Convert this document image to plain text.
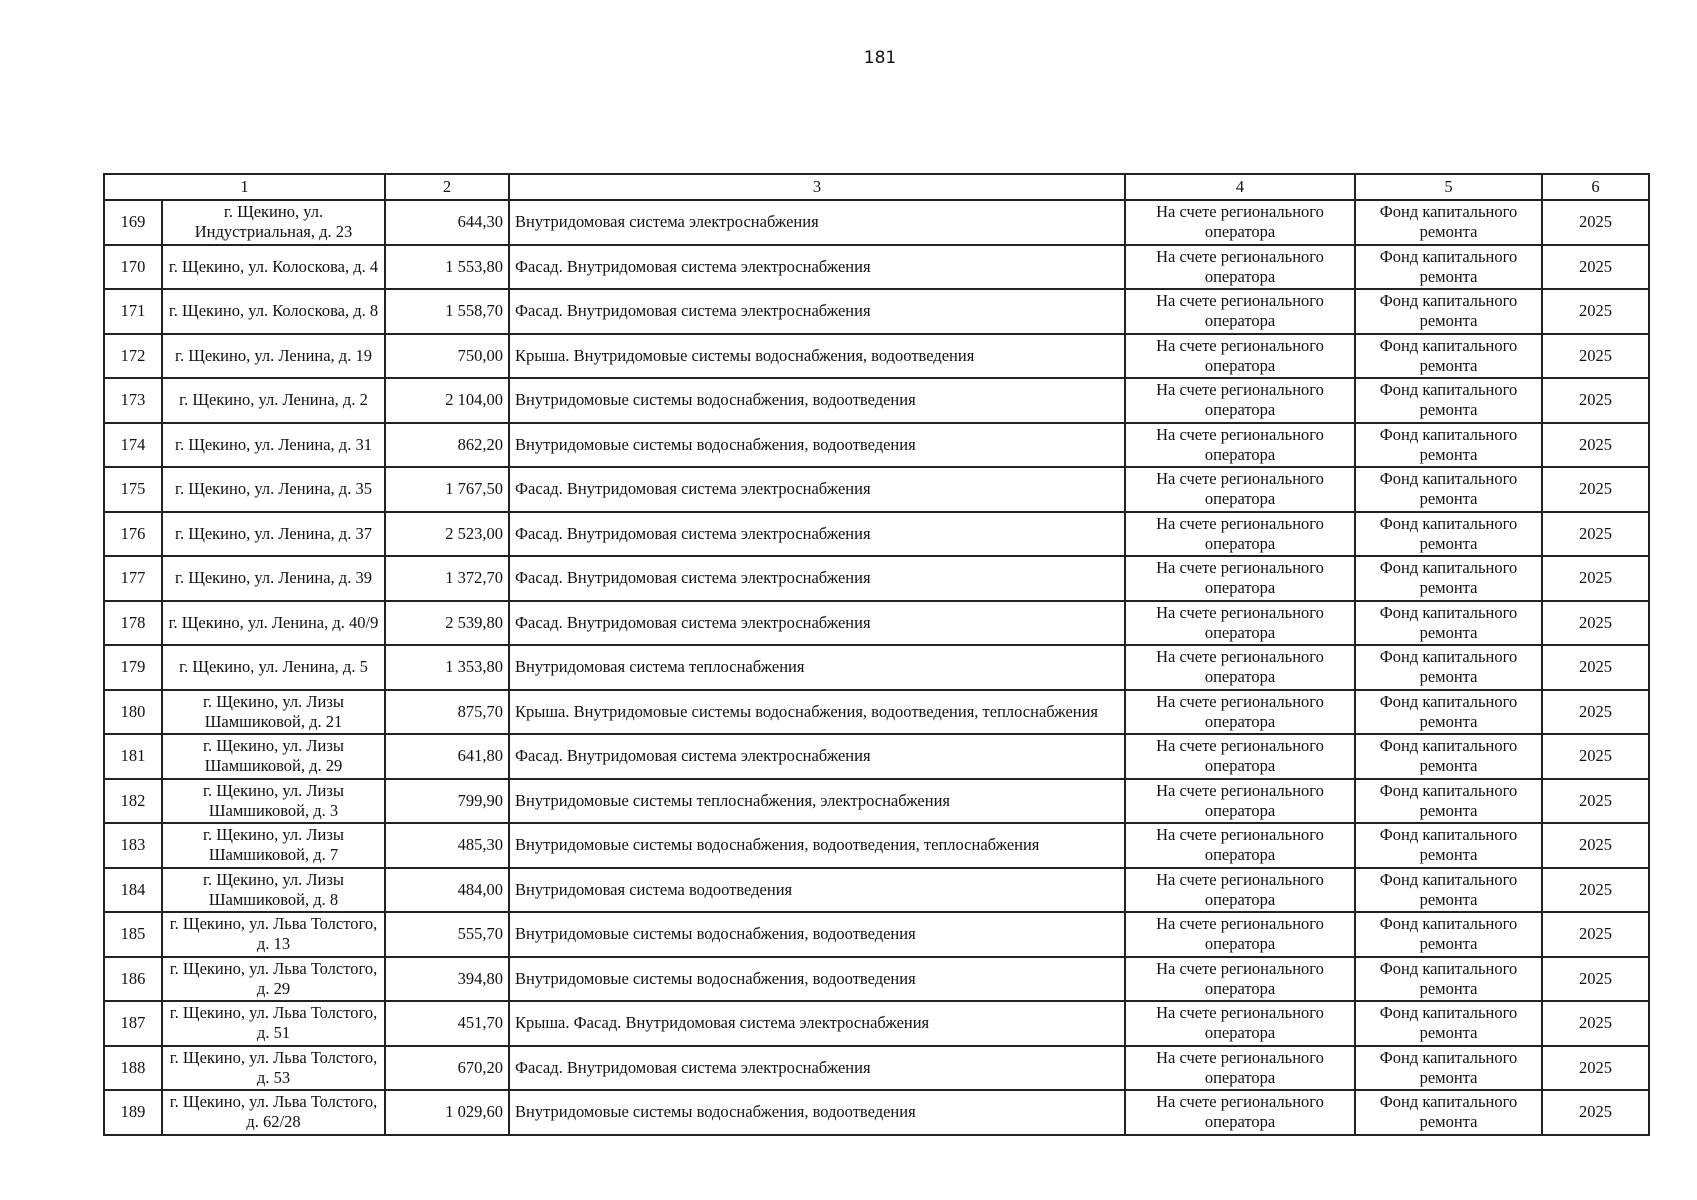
181
1		2	3	4	5	6
169	г. Щекино, ул. Индустриальная, д. 23	644,30	Внутридомовая система электроснабжения	На счете регионального оператора	Фонд капитального ремонта	2025
170	г. Щекино, ул. Колоскова, д. 4	1 553,80	Фасад. Внутридомовая система электроснабжения	На счете регионального оператора	Фонд капитального ремонта	2025
171	г. Щекино, ул. Колоскова, д. 8	1 558,70	Фасад. Внутридомовая система электроснабжения	На счете регионального оператора	Фонд капитального ремонта	2025
172	г. Щекино, ул. Ленина, д. 19	750,00	Крыша. Внутридомовые системы водоснабжения, водоотведения	На счете регионального оператора	Фонд капитального ремонта	2025
173	г. Щекино, ул. Ленина, д. 2	2 104,00	Внутридомовые системы водоснабжения, водоотведения	На счете регионального оператора	Фонд капитального ремонта	2025
174	г. Щекино, ул. Ленина, д. 31	862,20	Внутридомовые системы водоснабжения, водоотведения	На счете регионального оператора	Фонд капитального ремонта	2025
175	г. Щекино, ул. Ленина, д. 35	1 767,50	Фасад. Внутридомовая система электроснабжения	На счете регионального оператора	Фонд капитального ремонта	2025
176	г. Щекино, ул. Ленина, д. 37	2 523,00	Фасад. Внутридомовая система электроснабжения	На счете регионального оператора	Фонд капитального ремонта	2025
177	г. Щекино, ул. Ленина, д. 39	1 372,70	Фасад. Внутридомовая система электроснабжения	На счете регионального оператора	Фонд капитального ремонта	2025
178	г. Щекино, ул. Ленина, д. 40/9	2 539,80	Фасад. Внутридомовая система электроснабжения	На счете регионального оператора	Фонд капитального ремонта	2025
179	г. Щекино, ул. Ленина, д. 5	1 353,80	Внутридомовая система теплоснабжения	На счете регионального оператора	Фонд капитального ремонта	2025
180	г. Щекино, ул. Лизы Шамшиковой, д. 21	875,70	Крыша. Внутридомовые системы водоснабжения, водоотведения, теплоснабжения	На счете регионального оператора	Фонд капитального ремонта	2025
181	г. Щекино, ул. Лизы Шамшиковой, д. 29	641,80	Фасад. Внутридомовая система электроснабжения	На счете регионального оператора	Фонд капитального ремонта	2025
182	г. Щекино, ул. Лизы Шамшиковой, д. 3	799,90	Внутридомовые системы теплоснабжения, электроснабжения	На счете регионального оператора	Фонд капитального ремонта	2025
183	г. Щекино, ул. Лизы Шамшиковой, д. 7	485,30	Внутридомовые системы водоснабжения, водоотведения, теплоснабжения	На счете регионального оператора	Фонд капитального ремонта	2025
184	г. Щекино, ул. Лизы Шамшиковой, д. 8	484,00	Внутридомовая система водоотведения	На счете регионального оператора	Фонд капитального ремонта	2025
185	г. Щекино, ул. Льва Толстого, д. 13	555,70	Внутридомовые системы водоснабжения, водоотведения	На счете регионального оператора	Фонд капитального ремонта	2025
186	г. Щекино, ул. Льва Толстого, д. 29	394,80	Внутридомовые системы водоснабжения, водоотведения	На счете регионального оператора	Фонд капитального ремонта	2025
187	г. Щекино, ул. Льва Толстого, д. 51	451,70	Крыша. Фасад. Внутридомовая система электроснабжения	На счете регионального оператора	Фонд капитального ремонта	2025
188	г. Щекино, ул. Льва Толстого, д. 53	670,20	Фасад. Внутридомовая система электроснабжения	На счете регионального оператора	Фонд капитального ремонта	2025
189	г. Щекино, ул. Льва Толстого, д. 62/28	1 029,60	Внутридомовые системы водоснабжения, водоотведения	На счете регионального оператора	Фонд капитального ремонта	2025
